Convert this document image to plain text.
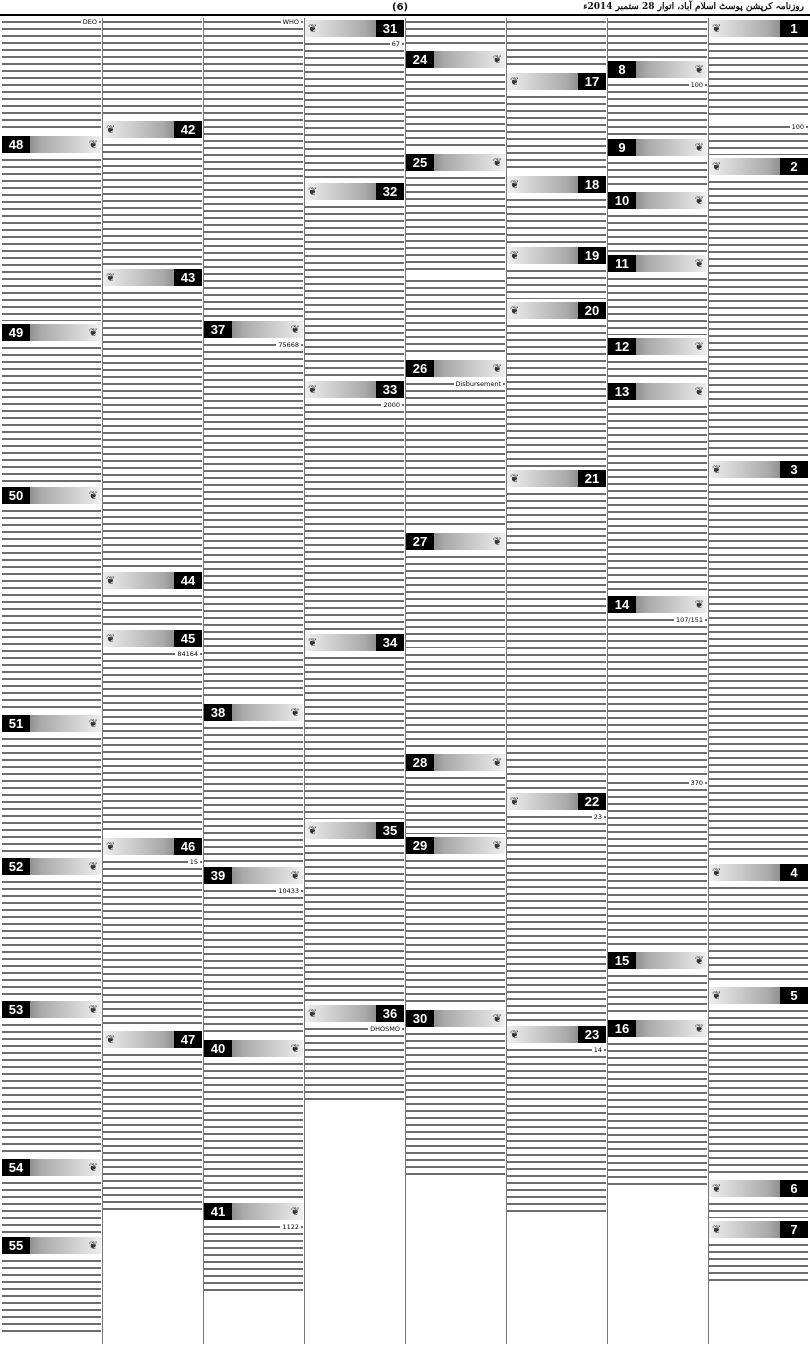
(6)	روزنامہ کرپشن پوسٹ اسلام آباد، اتوار 28 ستمبر 2014ء
1
❦
100
2
❦
3
❦
4
❦
5
❦
6
❦
7
❦
8	❦
100
9	❦
10	❦
11	❦
12	❦
13	❦
14	❦
107/151
370
15	❦
16	❦
17
❦
18
❦
19
❦
20
❦
21
❦
22
❦
23
23
❦
14
24	❦
25	❦
26	❦
Disbursement
27	❦
28	❦
29	❦
30	❦
31
❦
67
32
❦
33
❦
2000
34
❦
35
❦
36
❦
DHOSMO
WHO
37	❦
75668
38	❦
39	❦
10433
40	❦
41	❦
1122
42
❦
43
❦
44
❦
45
❦
84164
46
❦
15
47
❦
DEO
48	❦
49	❦
50	❦
51	❦
52	❦
53	❦
54	❦
55	❦
